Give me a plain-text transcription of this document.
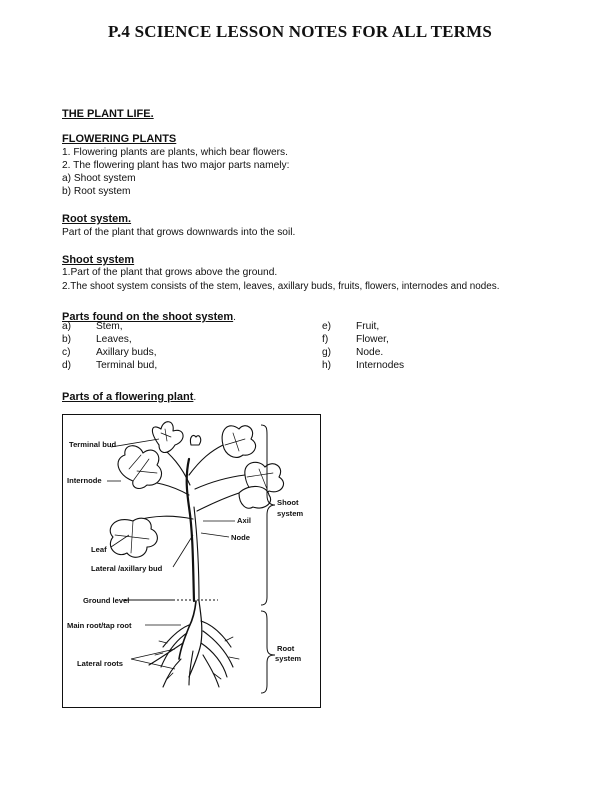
P.4 SCIENCE LESSON NOTES FOR ALL TERMS
THE PLANT LIFE.
FLOWERING PLANTS
1. Flowering plants are plants, which bear flowers.
2. The flowering plant has two major parts namely:
a) Shoot system
b) Root system
Root system.
Part of the plant that grows downwards into the soil.
Shoot system
1.Part of the plant that grows above the ground.
2.The shoot system consists of the stem, leaves, axillary buds, fruits, flowers, internodes and nodes.
Parts found on the shoot system.
a) Stem,
b) Leaves,
c)	Axillary buds,
d) Terminal bud,
e) Fruit,
f)	Flower,
g) Node.
h) Internodes
Parts of a flowering plant.
Terminal bud
Internode
Leaf
Lateral /axillary bud
Ground level
Main root/tap root
Lateral roots
Axil
Node
Shoot
system
Root
system
